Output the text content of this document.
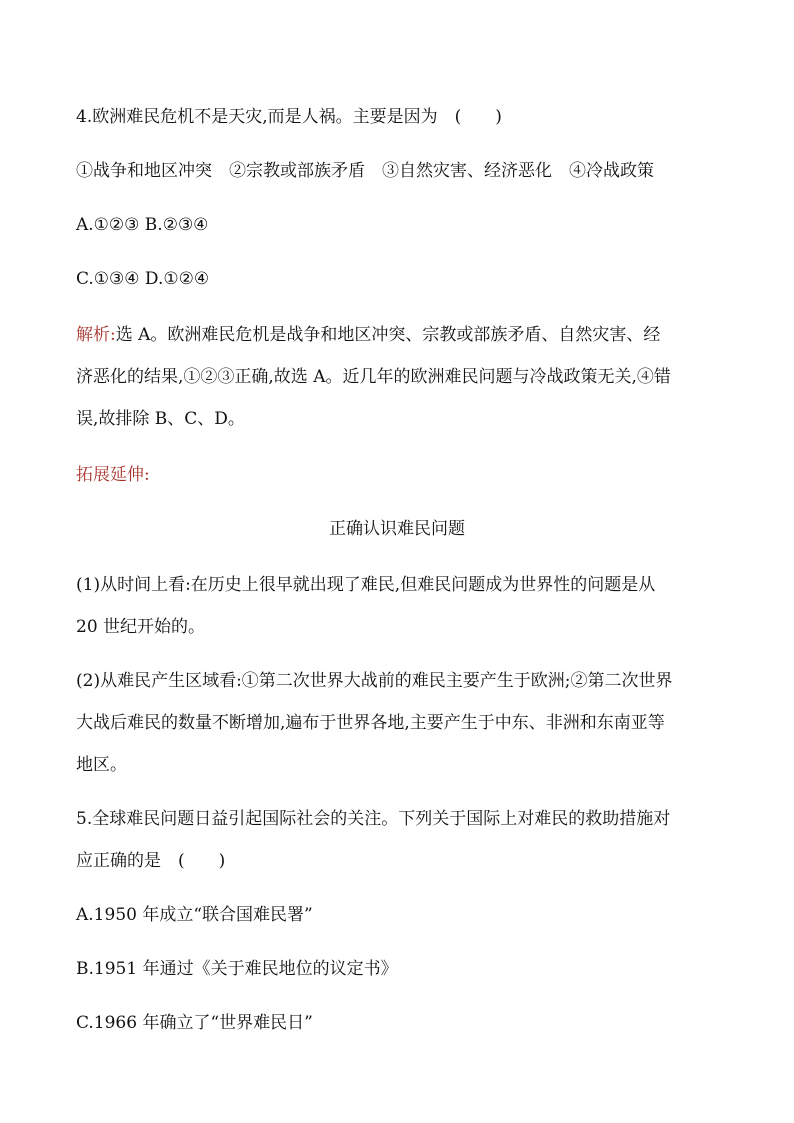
4.欧洲难民危机不是天灾,而是人祸。主要是因为　(　　)
①战争和地区冲突　②宗教或部族矛盾　③自然灾害、经济恶化　④冷战政策
A.①②③ B.②③④
C.①③④ D.①②④
解析:选 A。欧洲难民危机是战争和地区冲突、宗教或部族矛盾、自然灾害、经
济恶化的结果,①②③正确,故选 A。近几年的欧洲难民问题与冷战政策无关,④错
误,故排除 B、C、D。
拓展延伸:
正确认识难民问题
(1)从时间上看:在历史上很早就出现了难民,但难民问题成为世界性的问题是从
20 世纪开始的。
(2)从难民产生区域看:①第二次世界大战前的难民主要产生于欧洲;②第二次世界
大战后难民的数量不断增加,遍布于世界各地,主要产生于中东、非洲和东南亚等
地区。
5.全球难民问题日益引起国际社会的关注。下列关于国际上对难民的救助措施对
应正确的是　(　　)
A.1950 年成立“联合国难民署”
B.1951 年通过《关于难民地位的议定书》
C.1966 年确立了“世界难民日”
